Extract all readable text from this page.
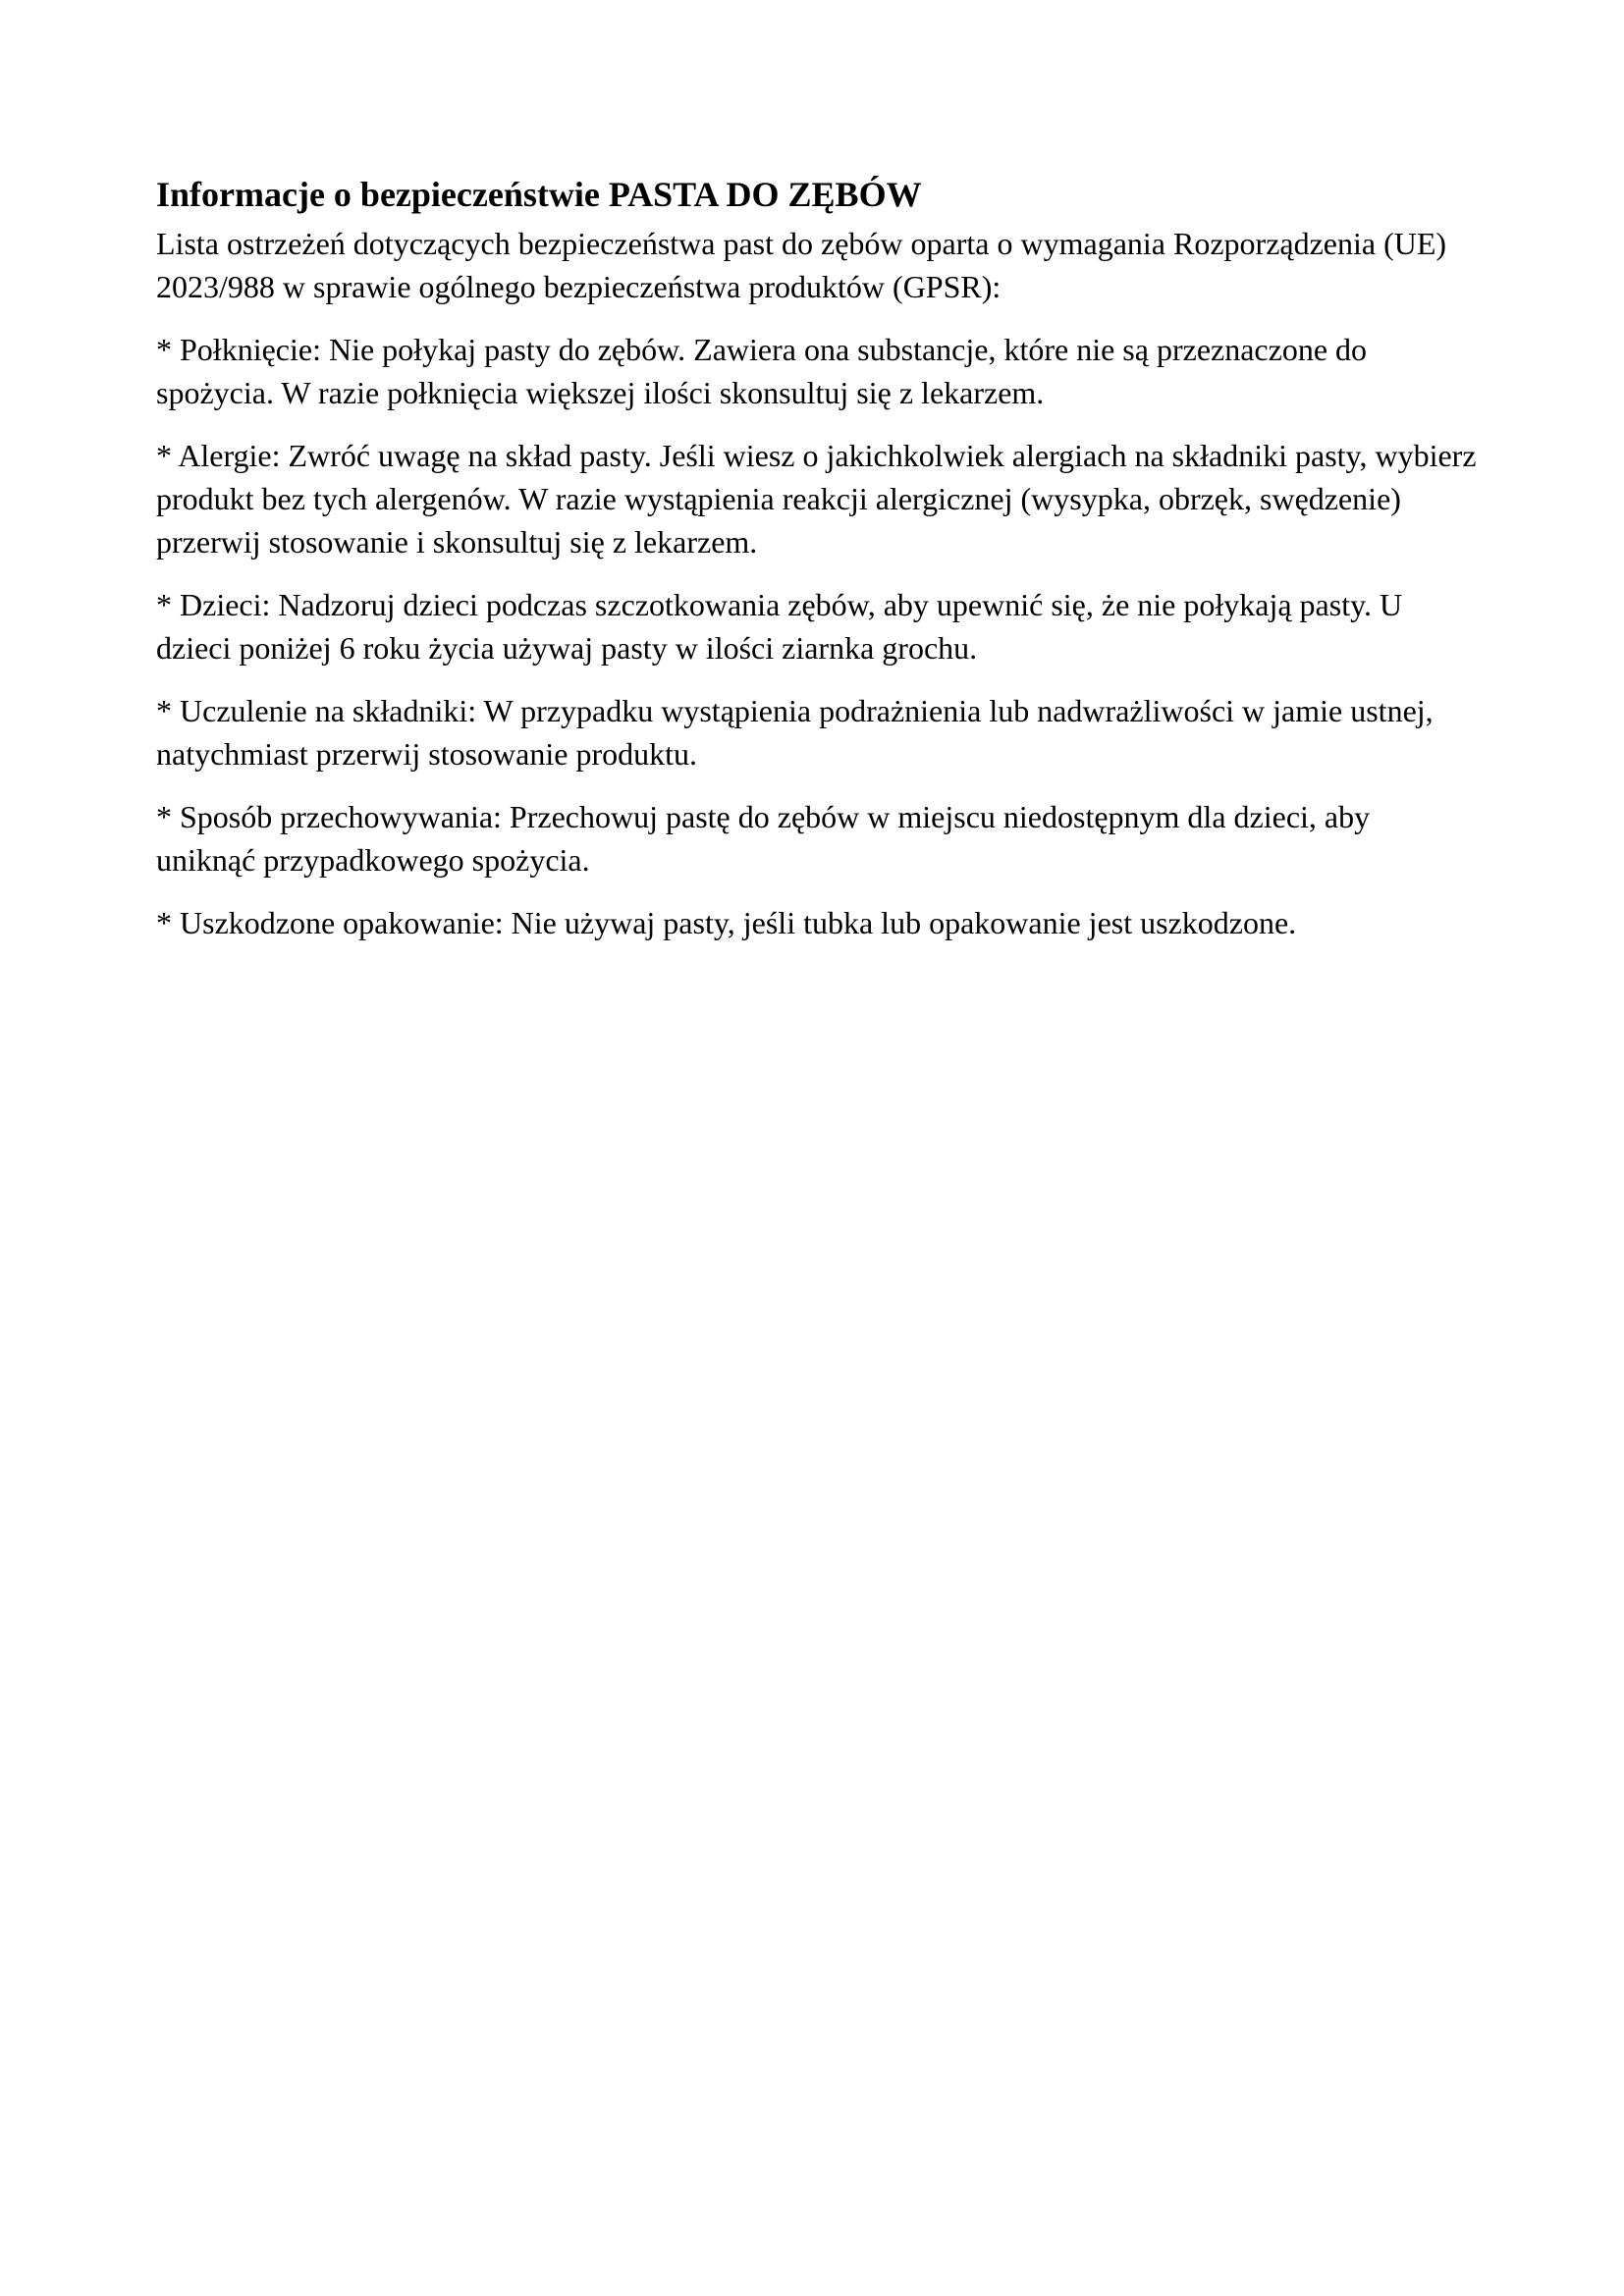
Informacje o bezpieczeństwie PASTA DO ZĘBÓW

Lista ostrzeżeń dotyczących bezpieczeństwa past do zębów oparta o wymagania Rozporządzenia (UE) 2023/988 w sprawie ogólnego bezpieczeństwa produktów (GPSR):

* Połknięcie: Nie połykaj pasty do zębów. Zawiera ona substancje, które nie są przeznaczone do spożycia. W razie połknięcia większej ilości skonsultuj się z lekarzem.

* Alergie: Zwróć uwagę na skład pasty. Jeśli wiesz o jakichkolwiek alergiach na składniki pasty, wybierz produkt bez tych alergenów. W razie wystąpienia reakcji alergicznej (wysypka, obrzęk, swędzenie) przerwij stosowanie i skonsultuj się z lekarzem.

* Dzieci: Nadzoruj dzieci podczas szczotkowania zębów, aby upewnić się, że nie połykają pasty. U dzieci poniżej 6 roku życia używaj pasty w ilości ziarnka grochu.

* Uczulenie na składniki: W przypadku wystąpienia podrażnienia lub nadwrażliwości w jamie ustnej, natychmiast przerwij stosowanie produktu.

* Sposób przechowywania: Przechowuj pastę do zębów w miejscu niedostępnym dla dzieci, aby uniknąć przypadkowego spożycia.

* Uszkodzone opakowanie: Nie używaj pasty, jeśli tubka lub opakowanie jest uszkodzone.
